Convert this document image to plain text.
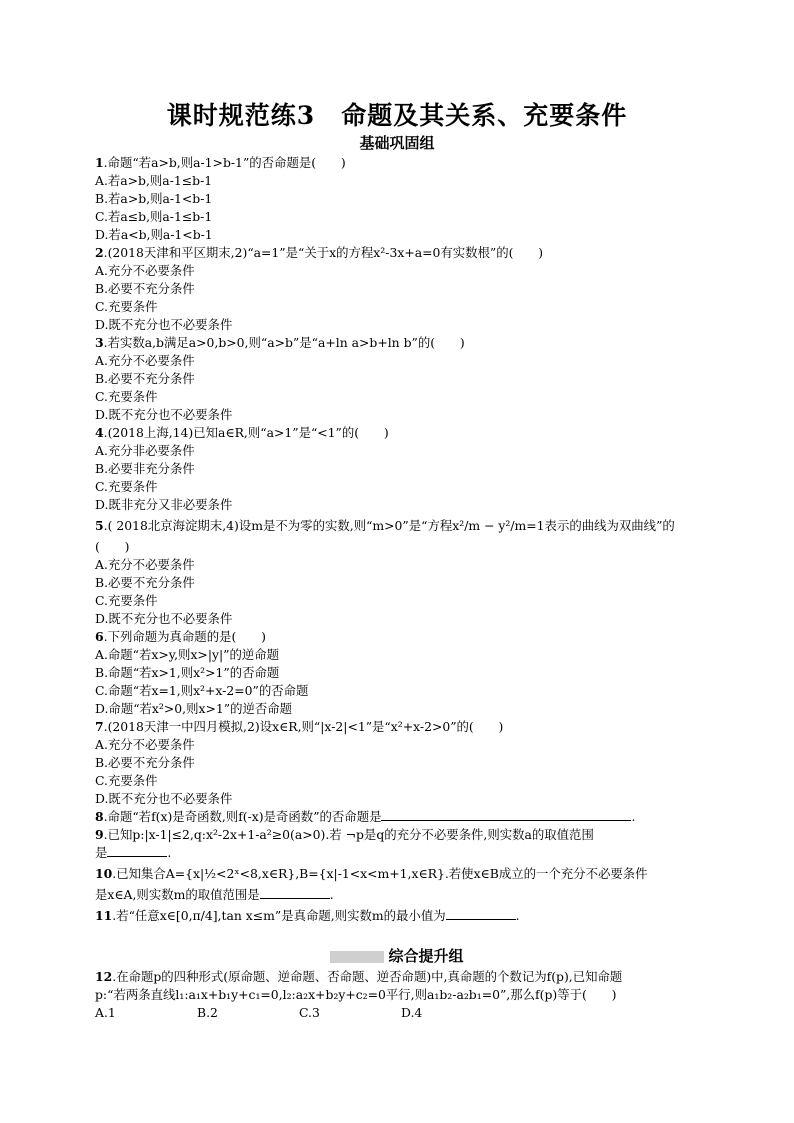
课时规范练3　命题及其关系、充要条件
基础巩固组
1.命题“若a>b,则a-1>b-1”的否命题是(　　)
A.若a>b,则a-1≤b-1
B.若a>b,则a-1<b-1
C.若a≤b,则a-1≤b-1
D.若a<b,则a-1<b-1
2.(2018天津和平区期末,2)“a=1”是“关于x的方程x²-3x+a=0有实数根”的(　　)
A.充分不必要条件
B.必要不充分条件
C.充要条件
D.既不充分也不必要条件
3.若实数a,b满足a>0,b>0,则“a>b”是“a+ln a>b+ln b”的(　　)
A.充分不必要条件
B.必要不充分条件
C.充要条件
D.既不充分也不必要条件
4.(2018上海,14)已知a∈R,则“a>1”是“<1”的(　　)
A.充分非必要条件
B.必要非充分条件
C.充要条件
D.既非充分又非必要条件
5.( 2018北京海淀期末,4)设m是不为零的实数,则“m>0”是“方程x²/m − y²/m=1表示的曲线为双曲线”的
(　　)
A.充分不必要条件
B.必要不充分条件
C.充要条件
D.既不充分也不必要条件
6.下列命题为真命题的是(　　)
A.命题“若x>y,则x>|y|”的逆命题
B.命题“若x>1,则x²>1”的否命题
C.命题“若x=1,则x²+x-2=0”的否命题
D.命题“若x²>0,则x>1”的逆否命题
7.(2018天津一中四月模拟,2)设x∈R,则“|x-2|<1”是“x²+x-2>0”的(　　)
A.充分不必要条件
B.必要不充分条件
C.充要条件
D.既不充分也不必要条件
8.命题“若f(x)是奇函数,则f(-x)是奇函数”的否命题是	.
9.已知p:|x-1|≤2,q:x²-2x+1-a²≥0(a>0).若 ¬p是q的充分不必要条件,则实数a的取值范围
是	.
10.已知集合A={x|½<2ˣ<8,x∈R},B={x|-1<x<m+1,x∈R}.若使x∈B成立的一个充分不必要条件
是x∈A,则实数m的取值范围是	.
11.若“任意x∈[0,π/4],tan x≤m”是真命题,则实数m的最小值为	.
综合提升组
12.在命题p的四种形式(原命题、逆命题、否命题、逆否命题)中,真命题的个数记为f(p),已知命题
p:“若两条直线l₁:a₁x+b₁y+c₁=0,l₂:a₂x+b₂y+c₂=0平行,则a₁b₂-a₂b₁=0”,那么f(p)等于(　　)
A.1	B.2	C.3	D.4
